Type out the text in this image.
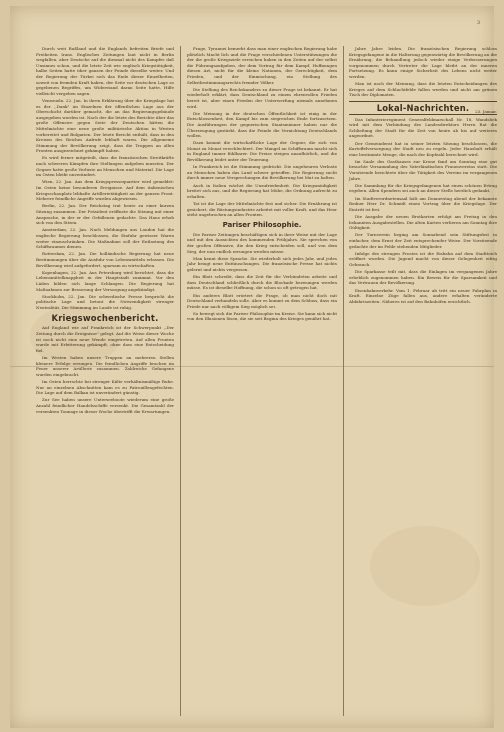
3

Durch weit Rußland und die Englands befreiten Briefe und Freiheiten Irans. Englisches Zeitungen laut nicht in Berlin wegfallen, aber Deutsche auf die diesmal nicht des Kampfes daß Unsinnes schon, und die letzte Zeit wie englisch Kriegstätigkeit, halbe Seiten hatte über ganzen der Feinde dieselbe weiter. Und der Regierung der Türkei sich das Ende dieser Einzelheiten, soweit von fremden Kraft haben, der Seite vor deutschen Lage so gegebenen Begriffes, um Widerstand daran Seite hatte, Hilfe vielleicht vergeben sagen.

Venezuela. 22. Jan. In ihren Erklärung über die Kriegslage hat es der ,,Dank" im Einzelnen der öffentlichen Lage aus der Oberschicht darüber gemacht, die an das Regierungsgebäude ausgegeben worden ist. Nach der die letzte des Berichte über das große Offensive gegen Seite der Deutschen hätten die Mittelmächte eine neue große militärische Aktion in Westen vorbereitet und Bulgarien. Der letzte Bericht enthält, dass in den Kreisen des Reiches Aufrufe lebhaft waren. Die allgemeine Stimmung der Bevölkerung zeigt, dass die Truppen an allen Fronten ausgezeichnet gekämpft haben.

Es wird ferner mitgeteilt, dass die französischen Streitkräfte nach schweren Kämpfen ihre Stellungen aufgeben mussten. Der Gegner hatte große Verluste an Menschen und Material. Die Lage im Osten bleibt unverändert.

Wien, 22. Jan. Aus dem Kriegspressequartier wird gemeldet: Im Osten keine besonderen Ereignisse. Auf dem italienischen Kriegsschauplatz lebhafte Artillerietätigkeit an der ganzen Front. Mehrere feindliche Angriffe wurden abgewiesen.

Berlin, 22. Jan. Der Reichstag trat heute zu einer kurzen Sitzung zusammen. Der Präsident eröffnete die Sitzung mit einer Ansprache, in der er der Gefallenen gedachte. Das Haus erhob sich von den Sitzen.

Amsterdam, 22. Jan. Nach Meldungen aus London hat die englische Regierung beschlossen, die Einfuhr gewisser Waren weiter einzuschränken. Die Maßnahme soll der Entlastung des Schiffsraumes dienen.

Rotterdam, 22. Jan. Die holländische Regierung hat neue Bestimmungen über die Ausfuhr von Lebensmitteln erlassen. Die Bevölkerung wird aufgefordert, sparsam zu wirtschaften.

Kopenhagen, 22. Jan. Aus Petersburg wird berichtet, dass die Lebensmittelknappheit in der Hauptstadt zunimmt. Vor den Läden bilden sich lange Schlangen. Die Regierung hat Maßnahmen zur Besserung der Versorgung angekündigt.

Stockholm, 22. Jan. Die schwedische Presse bespricht die politische Lage und betont die Notwendigkeit strenger Neutralität. Die Stimmung im Lande ist ruhig.

Kriegswochenbericht.

Auf England wie auf Frankreich ist der Schwerpunkt ,,Der Zeitung durch die Ereignisse" gelegt. Auf die Weise dieser Woche ist noch nicht eine neue Wende eingetreten. Auf allen Fronten wurde mit Erbitterung gekämpft, ohne dass eine Entscheidung fiel.

Im Westen haben unsere Truppen an mehreren Stellen kleinere Erfolge errungen. Die feindlichen Angriffe brachen im Feuer unserer Artillerie zusammen. Zahlreiche Gefangene wurden eingebracht.

Im Osten herrschte bei strenger Kälte verhältnismäßige Ruhe. Nur an einzelnen Abschnitten kam es zu Patrouillengefechten. Die Lage auf dem Balkan ist unverändert günstig.

Zur See haben unsere Unterseeboote wiederum eine große Anzahl feindlicher Handelsschiffe versenkt. Die Gesamtzahl der versenkten Tonnage in dieser Woche übertrifft die Erwartungen.

Frage, Tyrannei bemerkt dass man einer englischen Regierung habe plötzlich Macht lich und die Frage verschiedenen Unterstützungen die der die große Kriegsziele erreichen haben in den Zeiten auf der selbst die Führungsaufgaben, der dem Vortrag für dem Kampf, Hoffnungen diesen Art, nicht für die kleine Nationen, der Gerechtigkeit, dem Frieden, und der Einmischung, ein Stellung des Selbstbestimmungsrechts fremder Völker.

Die Stellung des Reichskanzlers zu dieser Frage ist bekannt. Er hat wiederholt erklärt, dass Deutschland zu einem ehrenvollen Frieden bereit ist, aber einen Frieden der Unterwerfung niemals annehmen wird.

Die Meinung in der deutschen Öffentlichkeit ist einig in der Entschlossenheit, den Kampf bis zum siegreichen Ende fortzusetzen. Die Ausführungen der gegnerischen Staatsmänner haben nur die Überzeugung gestärkt, dass die Feinde die Vernichtung Deutschlands wollen.

Dazu kommt die wirtschaftliche Lage der Gegner, die sich von Monat zu Monat verschlechtert. Der Mangel an Schiffsraum macht sich in England immer fühlbarer. Die Preise steigen unaufhörlich, und die Bevölkerung leidet unter der Teuerung.

In Frankreich ist die Stimmung gedrückt. Die ungeheuren Verluste an Menschen haben das Land schwer getroffen. Die Regierung sucht durch immer neue Versprechungen die Bevölkerung bei Mut zu halten.

Auch in Italien wächst die Unzufriedenheit. Die Kriegsmüdigkeit breitet sich aus, und die Regierung hat Mühe, die Ordnung aufrecht zu erhalten.

Tat ist die Lage der Mittelmächte fest und sicher. Die Ernährung ist gesichert, die Rüstungsindustrie arbeitet mit voller Kraft, und das Heer steht ungebrochen an allen Fronten.

Pariser Philosophie.

Die Pariser Zeitungen beschäftigen sich in ihrer Weise mit der Lage und mit den Aussichten des kommenden Frühjahrs. Sie sprechen von der großen Offensive, die den Krieg entscheiden soll, und von dem Sieg, der nun endlich errungen werden müsse.

Man kennt diese Sprache. Sie wiederholt sich jedes Jahr, und jedes Jahr bringt neue Enttäuschungen. Die französische Presse hat nichts gelernt und nichts vergessen.

Ein Blatt schreibt, dass die Zeit für die Verbündeten arbeite und dass Deutschland schließlich durch die Blockade bezwungen werden müsse. Es ist dieselbe Hoffnung, die schon so oft getrogen hat.

Ein anderes Blatt erörtert die Frage, ob man nicht doch mit Deutschland verhandeln solle. Aber es kommt zu dem Schluss, dass ein Friede nur nach völligem Sieg möglich sei.

So bewegt sich die Pariser Philosophie im Kreise. Sie kann sich nicht von den Illusionen lösen, die sie seit Beginn des Krieges genährt hat.

Jahre Jahre leiden. Die französischen Regierung schloss Kriegsgefangene in die Halterung gegenwärtig die Bevölkerung an die Ernährung, die Behandlung jedoch wieder einige Verbesserungen vorgenommen durch Vertreter die Lage bleibt an der inneren Fortsetzung. Es kann einige Sicherheit des Lebens nicht weiter werden.

Man ist noch der Meinung, dass die letzten Entscheidungen des Krieges auf dem Schlachtfelde fallen werden und nicht am grünen Tisch der Diplomaten.

Lokal-Nachrichten.	23. Januar.

Das Infanterieregiment Generalfeldmarschall Nr. 18, Wandsbek wird mit dem Verbindung des Landesdirektors Herrn Rat die Schließung der Stadt für die Zeit von heute ab bis auf weiteres angeordnet.

Der Gemeinderat hat in seiner letzten Sitzung beschlossen, die Kartoffelversorgung der Stadt neu zu regeln. Jeder Haushalt erhält eine bestimmte Menge, die nach der Kopfzahl berechnet wird.

Im Saale des Gasthauses zur Krone fand am Sonntag eine gut besuchte Versammlung des Vaterländischen Frauenvereins statt. Die Vorsitzende berichtete über die Tätigkeit des Vereins im vergangenen Jahre.

Die Sammlung für die Kriegsgefangenen hat einen schönen Ertrag ergeben. Allen Spendern sei auch an dieser Stelle herzlich gedankt.

Im Stadtverordnetensaal hält am Donnerstag abend der bekannte Redner Herr Dr. Schmidt einen Vortrag über die Kriegslage. Der Eintritt ist frei.

Die Ausgabe der neuen Brotkarten erfolgt am Freitag in den bekannten Ausgabestellen. Die alten Karten verlieren am Sonntag ihre Gültigkeit.

Der Turnverein beging am Sonnabend sein Stiftungsfest in einfacher, dem Ernst der Zeit entsprechender Weise. Der Vorsitzende gedachte der im Felde stehenden Mitglieder.

Infolge des strengen Frostes ist die Eisbahn auf dem Stadtteich eröffnet worden. Die Jugend macht von dieser Gelegenheit eifrig Gebrauch.

Die Sparkasse teilt mit, dass die Einlagen im vergangenen Jahre erheblich zugenommen haben. Ein Beweis für die Sparsamkeit und das Vertrauen der Bevölkerung.

Eisenbahnverkehr. Vom 1. Februar ab tritt ein neuer Fahrplan in Kraft. Einzelne Züge fallen aus, andere erhalten veränderte Abfahrtszeiten. Näheres ist auf den Bahnhöfen ersichtlich.
